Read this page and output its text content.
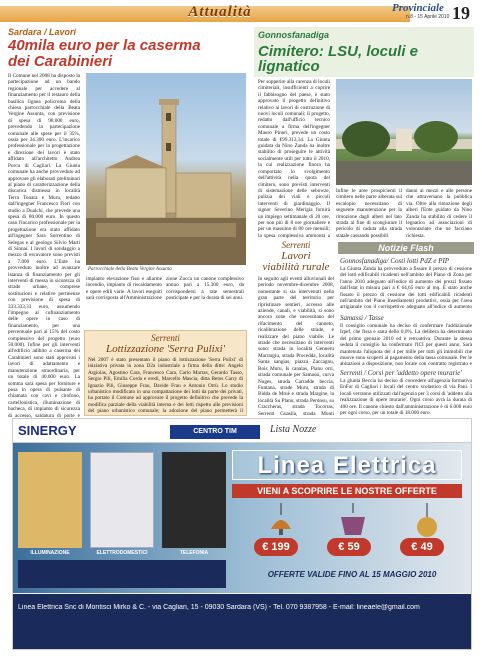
Attualità	Provinciale
n.8 - 15 Aprile 2010 19
Sardara / Lavori
40mila euro per la caserma
dei Carabinieri
Il Comune nel 2008 ha disposto la partecipazione ad un bando regionale per accedere al finanziamento per il restauro della basilica lignea policroma della chiesa parrocchiale della Beata Vergine Assunta, con previsione di spesa di 98.000 euro, prevedendo la partecipazione comunale alle spese per il 35%, ossia per 34.300 euro. L'incarico professionale per la progettazione e direzione dei lavori è stato affidato all'architetto Andrea Porcu di Cagliari. La Giunta comunale ha anche provveduto ad approvare gli elaborati preliminari al piano di caratterizzazione della discarica dismessa in località Terra Tonara e Muru, redatto dall'ingegner Francesco Fiori con studio a Dualchi, che prevede una spesa di 80.000 euro. In questo caso l'incarico professionale per la progettazione era stato affidato all'ingegner Sara Sorrentino di Selegas e al geologo Silvio Marti di Sinnai. I lavori di sondaggio a mezzo di escavatore sono previsti a 7.000 euro. L'Ente ha provveduto inoltre ad avanzare istanza di finanziamento per gli interventi di messa in sicurezza di strade urbane, comprese sostituzioni e relative pertinenze con previsione di spesa di 333.333,33 euro, assumendo l'impegno al cofinanziamento delle opere in caso di finanziamento, per una percentuale pari al 15% del costo complessivo del progetto (euro 50.000). Infine per gli interventi all'edificio adibito a caserma dei Carabinieri sono stati approvati i lavori di adattamento e manutenzione straordinaria, per un totale di 40.000 euro. La somma sarà spesa per forniture e posa in opera di pulsante di chiamata con cavi e citofono, cartellonistica, illuminazione di bacheca, di impianto di sicurezza di accesso, saldatura di porte e
Parrocchiale della Beata Vergine Assunta
impianto elevazione fissi e allarme incendio, impianto di riscaldamento e opere edili varie. A lavori eseguiti sarà corrisposta all'Amministrazione
zione Zucca un canone complessivo annuo pari a 15.300 euro, da corrispondersi a rate semestrali posticipate e per la durata di sei anni.
Serrenti
Lottizzazione 'Serra Pulixi'
Nel 2007 è stato presentato il piano di lottizzazione 'Serra Pulixi' di iniziativa privata in zona D2a industriale a firma della ditte: Angelo Argiolas, Agostino Cara, Francesco Cara, Carlo Marras, Gerardo Tasso, Sergio Pili, Emilia Corda e eredi, Marcello Mascia, ditta Betos Carry di Ignazio Pili, Giuseppe Frau, Davide Frau e Antonio Orrù. Lo studio urbanistico modificato in una compattazione dei lotti da parte dei privati, ha portato il Comune ad approvare il progetto definitivo che prevede la modifica parziale della viabilità interna e dei lotti rispetto alle previsioni del piano urbanistico comunale; la adozione del piano permetterà il
Gonnosfanadiga
Cimitero: LSU, loculi e lignatico
Per sopperire alla carenza di loculi cimiteriali, insufficienti a coprire il fabbisogno del paese, è stato approvato il progetto definitivo relativo ai lavori di costruzione di nuovi loculi comunali; il progetto, redatto dall'ufficio tecnico comunale a firma dell'ingegner Mauro Pinnri, prevede un costo totale di €99.313,34. La Giunta guidata da Nino Zanda ha inoltre stabilito di proseguire le attività socialmente utili per tutto il 2010, la cui realizzazione finora ha comportato lo svolgimento dell'attività nella quota del cimitero, sono previsti interventi di sistemazione delle sebowze, pulizia dei viali e piccoli interventi di giardinaggio. Il signor Severino Merigia fornirà un impiego settimanale di 20 ore, per non più di 8 ore giornaliere e per un massimo di 80 ore mensili; la spesa complessiva ammonta a
Infine le aree prospicienti il cimitero nelle parte alberata sul escalopio necessitano di seguente manutenzione per la rimozione dagli alberi nel lato strada al fine di scongiurare il pericolo di caduta alla strada statale cassando possibili
danni ai mezzi e alle persone che attraversano la pubblica via. Oltre alla rimozione degli alberi l'Ente guidato da Nino Zanda ha stabilito di cedere il legnatico ad associazioni di volontariato che ne facciano richiesta.
Serrenti
Lavori
viabilità rurale
In seguito agli eventi alluvionali del periodo novembre-dicembre 2008, nonostante si sia intervenuti nella gran parte del territorio per ripristinare sentieri, accesso alle aziende, canali, e viabilità, si sono ancora zone che necessitano del rifacimento del canneto, ricalibrazione delle strade, e realizzare del piano viabile. Le strade che necessitano di interventi sono: strada in località Genneru Marrargiu, strada Procedda, località Santa sangias, piazza Zaccagnu, Bois Muru, Is canalas, Pianu orri, strada comunale per Samassi, curva Nuges, strada Carradde beccia, Funtana, strade Muru, strada di Bidda de Mruè e strada Margine, la località Su Planu, strada Perdosu, su Craccheras, strada Tocorras, Serrenti Guasila, strada Monti
Notizie Flash
Gonnosfanadiga/ Costi lotti PdZ e PIP
La Giunta Zanda ha provveduto a fissare il prezzo di cessione dei lotti edificabili ricadenti nell'ambito del Piano di Zona per l'anno 2010 adeguato all'indice di aumento dei prezzi fissato dall'Istat in misura pari a € 64,65 euro al mq. È stato anche fissato il prezzo di cessione dei lotti edificabili ricadenti nell'ambito del Piano Insediamenti produttivi, ossia per l'area artigianale con il corrispettivo adeguato all'indice di aumento
Samassi / Tasse
Il consiglio comunale ha deciso di confermare l'addizionale Irpef, che fissa e stata dello 0,6%. La delibera ha determinato del primo gennaio 2010 ed è retroattiva. Durante la stessa seduta il consiglio ha confermato l'ICI per questi anno. Sarà mantenuta l'aliquota del 4 per mille per tutti gli immobili che muove sono scoperti al pagamento della tassa comunale. Per le abitazioni a disposizione, non locate con contratto registrato e
Serrenti / Corsi per 'addetto opere murarie'
La giunta Beccia ha deciso di concedere all'agenzia formativa EnFor di Cagliari i locali del centro scolastico di via Pani. I locali verranno utilizzati dall'agenzia per 3 corsi di 'addetto alla realizzazione di opere murarie'. Ogni corso avrà la durata di 400 ore. Il canone chiesto dall'amministrazione è di 6.000 euro per ogni corso, per un totale di 18.000 euro.
SINERGY	CENTRO TIM	Lista Nozze
Linea Elettrica
VIENI A SCOPRIRE LE NOSTRE OFFERTE
€ 199	€ 59	€ 49
ILLUMINAZIONE	ELETTRODOMESTICI	TELEFONIA
OFFERTE VALIDE FINO AL 15 MAGGIO 2010
Linea Elettrica Snc di Montisci Mirko & C. - via Cagliari, 15 - 09030 Sardara (VS) - Tel. 070 9387958 - E-mail: lineaele@gmail.com
